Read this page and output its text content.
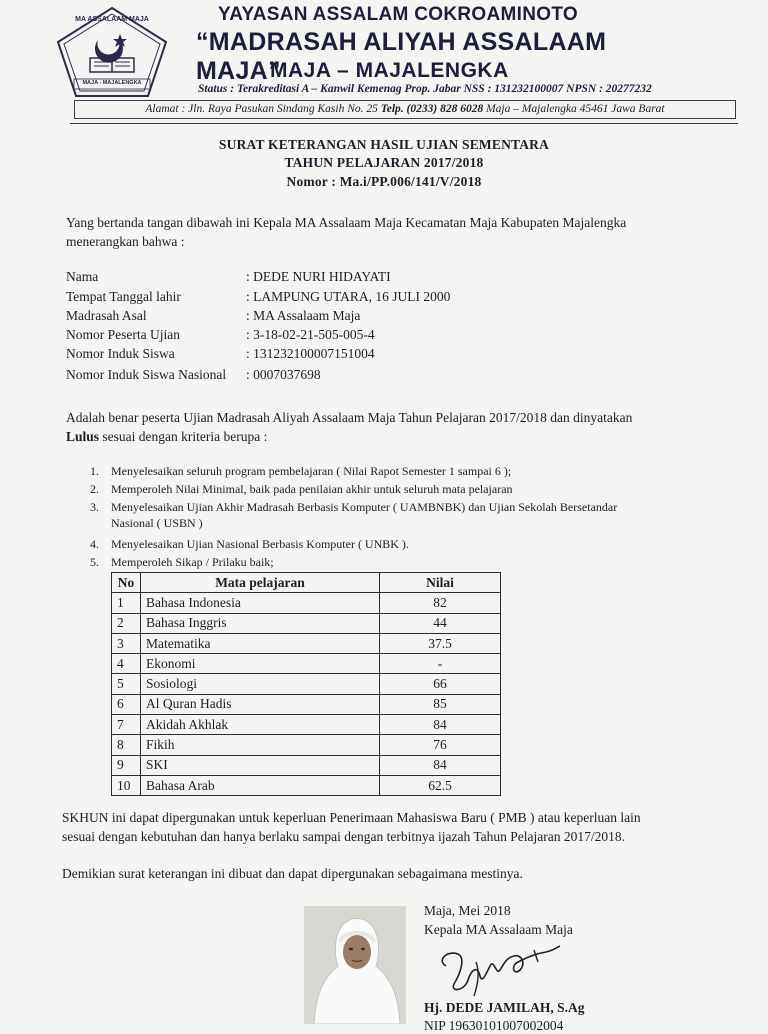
MA ASSALAAM MAJA
MAJA - MAJALENGKA
YAYASAN ASSALAM COKROAMINOTO
“MADRASAH ALIYAH ASSALAAM MAJA”
MAJA – MAJALENGKA
Status : Terakreditasi A – Kanwil Kemenag Prop. Jabar NSS : 131232100007 NPSN : 20277232
Alamat : Jln. Raya Pasukan Sindang Kasih No. 25 Telp. (0233) 828 6028 Maja – Majalengka 45461 Jawa Barat
SURAT KETERANGAN HASIL UJIAN SEMENTARA
TAHUN PELAJARAN 2017/2018
Nomor : Ma.i/PP.006/141/V/2018
Yang bertanda tangan dibawah ini Kepala MA Assalaam Maja Kecamatan Maja Kabupaten Majalengka
menerangkan bahwa :
Nama	: DEDE NURI HIDAYATI
Tempat Tanggal lahir	: LAMPUNG UTARA, 16 JULI 2000
Madrasah Asal	: MA Assalaam Maja
Nomor Peserta Ujian	: 3-18-02-21-505-005-4
Nomor Induk Siswa	: 131232100007151004
Nomor Induk Siswa Nasional : 0007037698
Adalah benar peserta Ujian Madrasah Aliyah Assalaam Maja Tahun Pelajaran 2017/2018 dan dinyatakan
Lulus sesuai dengan kriteria berupa :
1.	Menyelesaikan seluruh program pembelajaran ( Nilai Rapot Semester 1 sampai 6 );
2.	Memperoleh Nilai Minimal, baik pada penilaian akhir untuk seluruh mata pelajaran
3.	Menyelesaikan Ujian Akhir Madrasah Berbasis Komputer ( UAMBNBK) dan Ujian Sekolah Bersetandar
Nasional ( USBN )
4.	Menyelesaikan Ujian Nasional Berbasis Komputer ( UNBK ).
5.	Memperoleh Sikap / Prilaku baik;
No	Mata pelajaran	Nilai
1	Bahasa Indonesia	82
2	Bahasa Inggris	44
3	Matematika	37.5
4	Ekonomi	-
5	Sosiologi	66
6	Al Quran Hadis	85
7	Akidah Akhlak	84
8	Fikih	76
9	SKI	84
10	Bahasa Arab	62.5
SKHUN ini dapat dipergunakan untuk keperluan Penerimaan Mahasiswa Baru ( PMB ) atau keperluan lain
sesuai dengan kebutuhan dan hanya berlaku sampai dengan terbitnya ijazah Tahun Pelajaran 2017/2018.
Demikian surat keterangan ini dibuat dan dapat dipergunakan sebagaimana mestinya.
Maja, Mei 2018
Kepala MA Assalaam Maja
Hj. DEDE JAMILAH, S.Ag
NIP 19630101007002004
